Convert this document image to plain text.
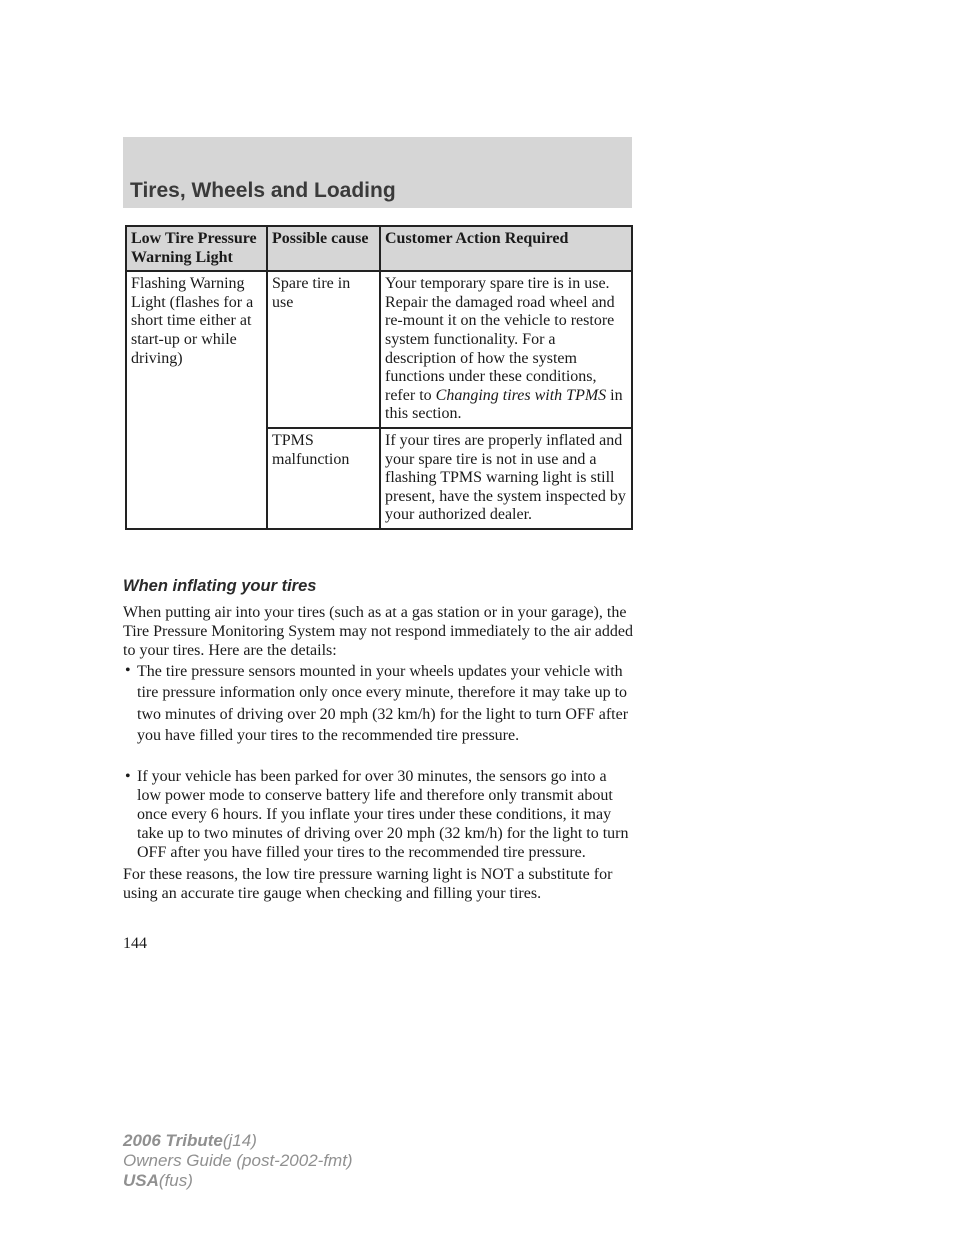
Tires, Wheels and Loading
Low Tire Pressure Warning Light	Possible cause	Customer Action Required
Flashing Warning Light (flashes for a short time either at start-up or while driving)	Spare tire in use	Your temporary spare tire is in use. Repair the damaged road wheel and re-mount it on the vehicle to restore system functionality. For a description of how the system functions under these conditions, refer to Changing tires with TPMS in this section.
	TPMS malfunction	If your tires are properly inflated and your spare tire is not in use and a flashing TPMS warning light is still present, have the system inspected by your authorized dealer.
When inflating your tires

When putting air into your tires (such as at a gas station or in your garage), the Tire Pressure Monitoring System may not respond immediately to the air added to your tires. Here are the details:

• The tire pressure sensors mounted in your wheels updates your vehicle with tire pressure information only once every minute, therefore it may take up to two minutes of driving over 20 mph (32 km/h) for the light to turn OFF after you have filled your tires to the recommended tire pressure.
• If your vehicle has been parked for over 30 minutes, the sensors go into a low power mode to conserve battery life and therefore only transmit about once every 6 hours. If you inflate your tires under these conditions, it may take up to two minutes of driving over 20 mph (32 km/h) for the light to turn OFF after you have filled your tires to the recommended tire pressure.

For these reasons, the low tire pressure warning light is NOT a substitute for using an accurate tire gauge when checking and filling your tires.

144

2006 Tribute(j14)
Owners Guide (post-2002-fmt)
USA(fus)
